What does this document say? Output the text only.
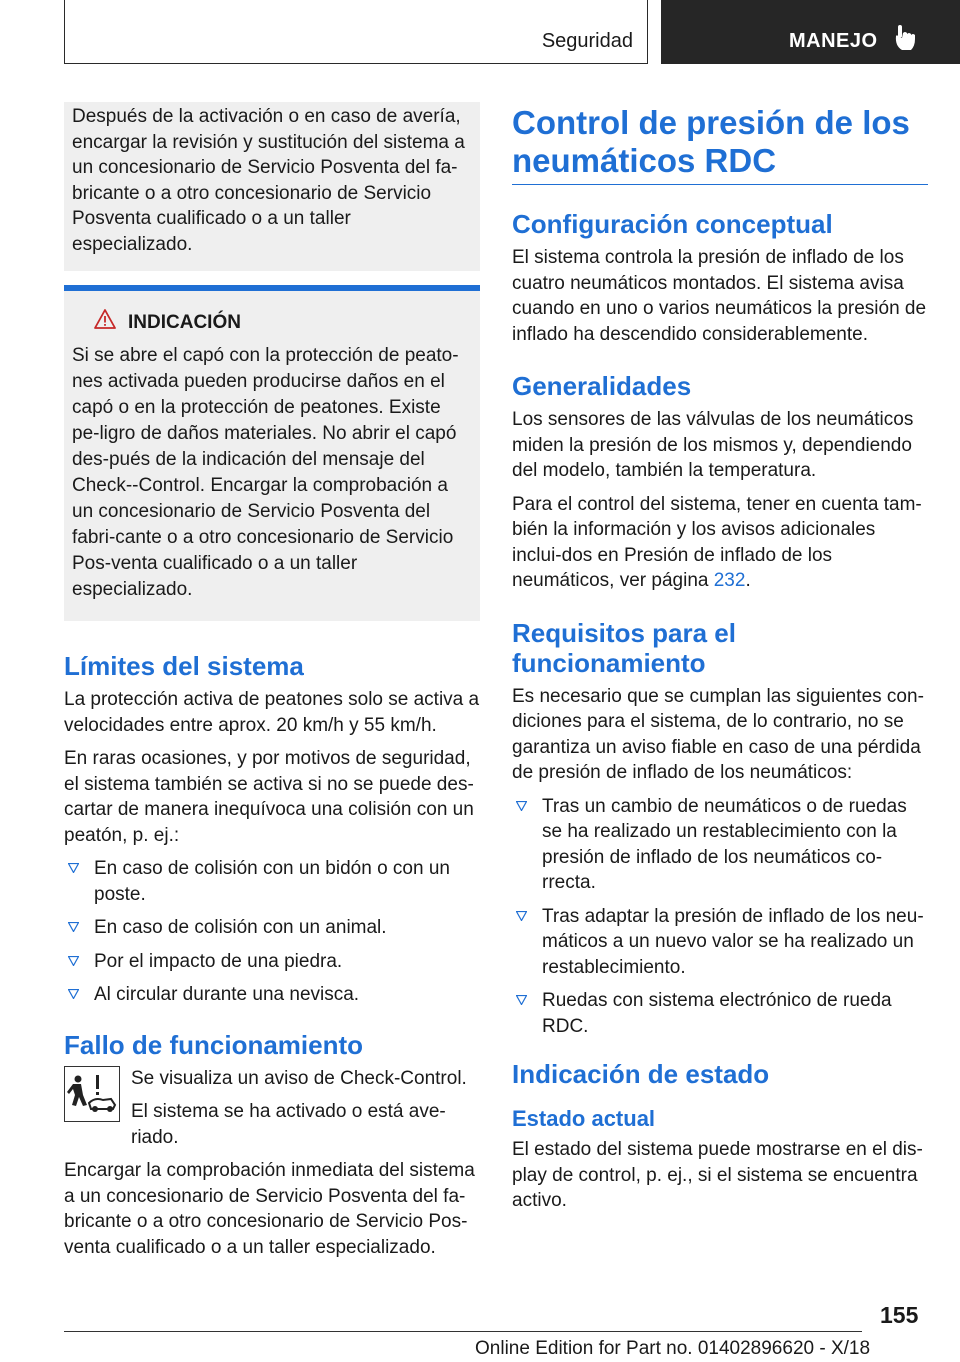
Seguridad	MANEJO
Después de la activación o en caso de avería, encargar la revisión y sustitución del sistema a un concesionario de Servicio Posventa del fa-bricante o a otro concesionario de Servicio Posventa cualificado o a un taller especializado.
INDICACIÓN
Si se abre el capó con la protección de peato-nes activada pueden producirse daños en el capó o en la protección de peatones. Existe pe-ligro de daños materiales. No abrir el capó des-pués de la indicación del mensaje del Check--Control. Encargar la comprobación a un concesionario de Servicio Posventa del fabri-cante o a otro concesionario de Servicio Pos-venta cualificado o a un taller especializado.
Límites del sistema

La protección activa de peatones solo se activa a velocidades entre aprox. 20 km/h y 55 km/h.

En raras ocasiones, y por motivos de seguridad, el sistema también se activa si no se puede des-cartar de manera inequívoca una colisión con un peatón, p. ej.:

En caso de colisión con un bidón o con un poste.
En caso de colisión con un animal.
Por el impacto de una piedra.
Al circular durante una nevisca.
Fallo de funcionamiento

Se visualiza un aviso de Check-Control.

El sistema se ha activado o está ave-riado.

Encargar la comprobación inmediata del sistema a un concesionario de Servicio Posventa del fa-bricante o a otro concesionario de Servicio Pos-venta cualificado o a un taller especializado.

Control de presión de los neumáticos RDC
Configuración conceptual

El sistema controla la presión de inflado de los cuatro neumáticos montados. El sistema avisa cuando en uno o varios neumáticos la presión de inflado ha descendido considerablemente.

Generalidades

Los sensores de las válvulas de los neumáticos miden la presión de los mismos y, dependiendo del modelo, también la temperatura.

Para el control del sistema, tener en cuenta tam-bién la información y los avisos adicionales inclui-dos en Presión de inflado de los neumáticos, ver página 232.

Requisitos para el funcionamiento

Es necesario que se cumplan las siguientes con-diciones para el sistema, de lo contrario, no se garantiza un aviso fiable en caso de una pérdida de presión de inflado de los neumáticos:

Tras un cambio de neumáticos o de ruedas se ha realizado un restablecimiento con la presión de inflado de los neumáticos co-rrecta.
Tras adaptar la presión de inflado de los neu-máticos a un nuevo valor se ha realizado un restablecimiento.
Ruedas con sistema electrónico de rueda RDC.
Indicación de estado
Estado actual

El estado del sistema puede mostrarse en el dis-play de control, p. ej., si el sistema se encuentra activo.

155
Online Edition for Part no. 01402896620 - X/18
